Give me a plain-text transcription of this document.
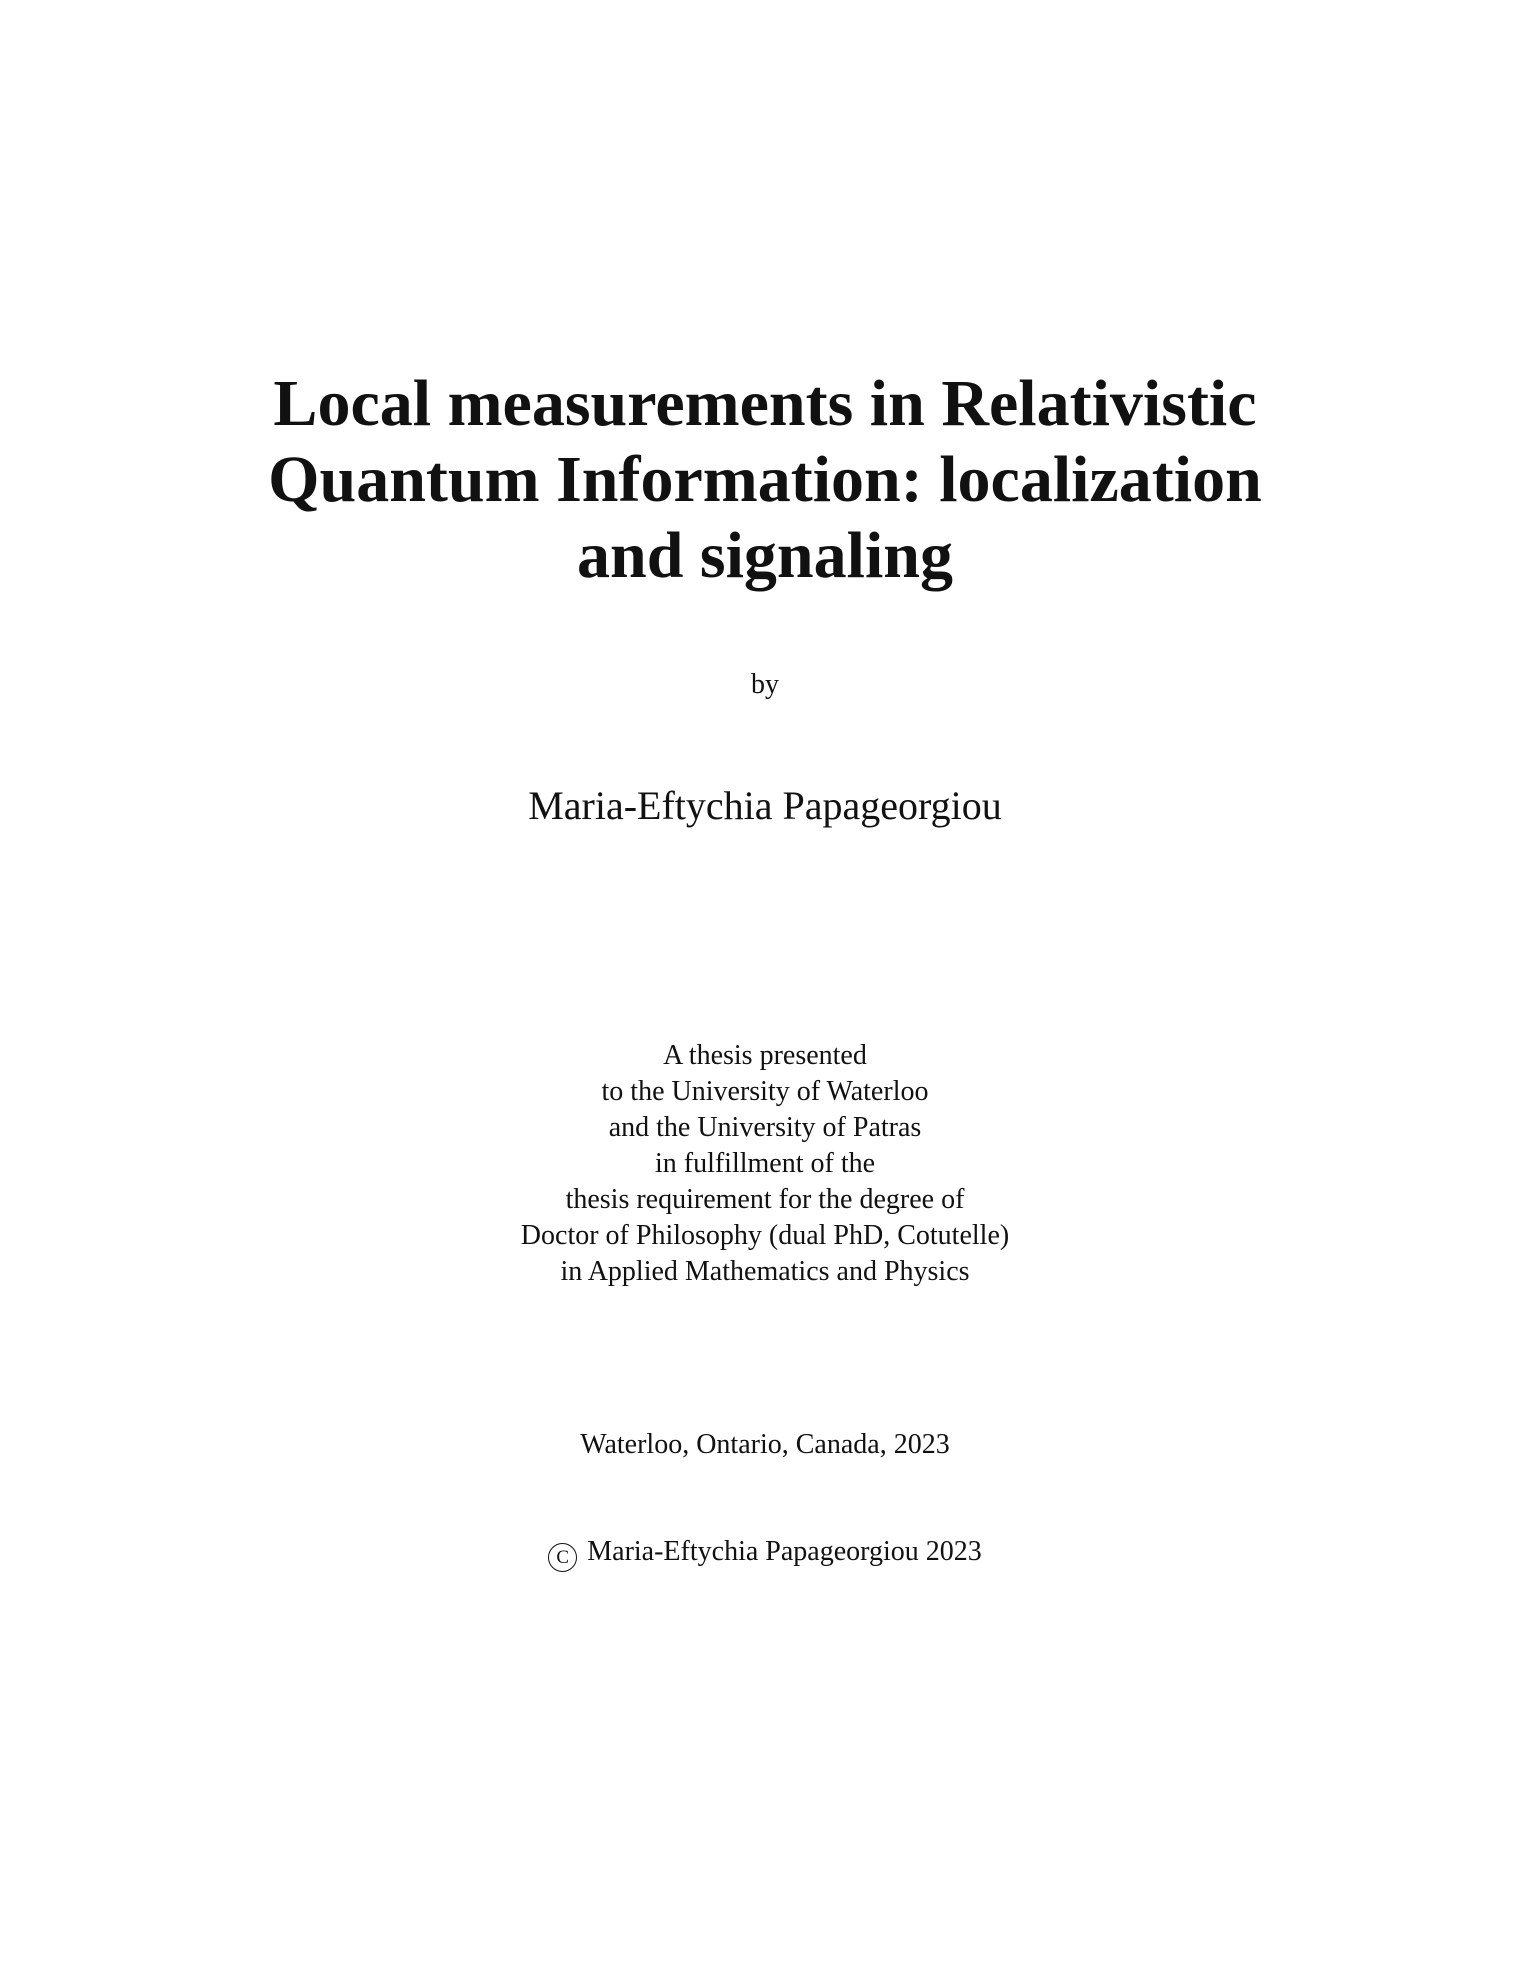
Local measurements in Relativistic
Quantum Information: localization
and signaling
by
Maria-Eftychia Papageorgiou
A thesis presented
to the University of Waterloo
and the University of Patras
in fulfillment of the
thesis requirement for the degree of
Doctor of Philosophy (dual PhD, Cotutelle)
in Applied Mathematics and Physics
Waterloo, Ontario, Canada, 2023
C Maria-Eftychia Papageorgiou 2023
